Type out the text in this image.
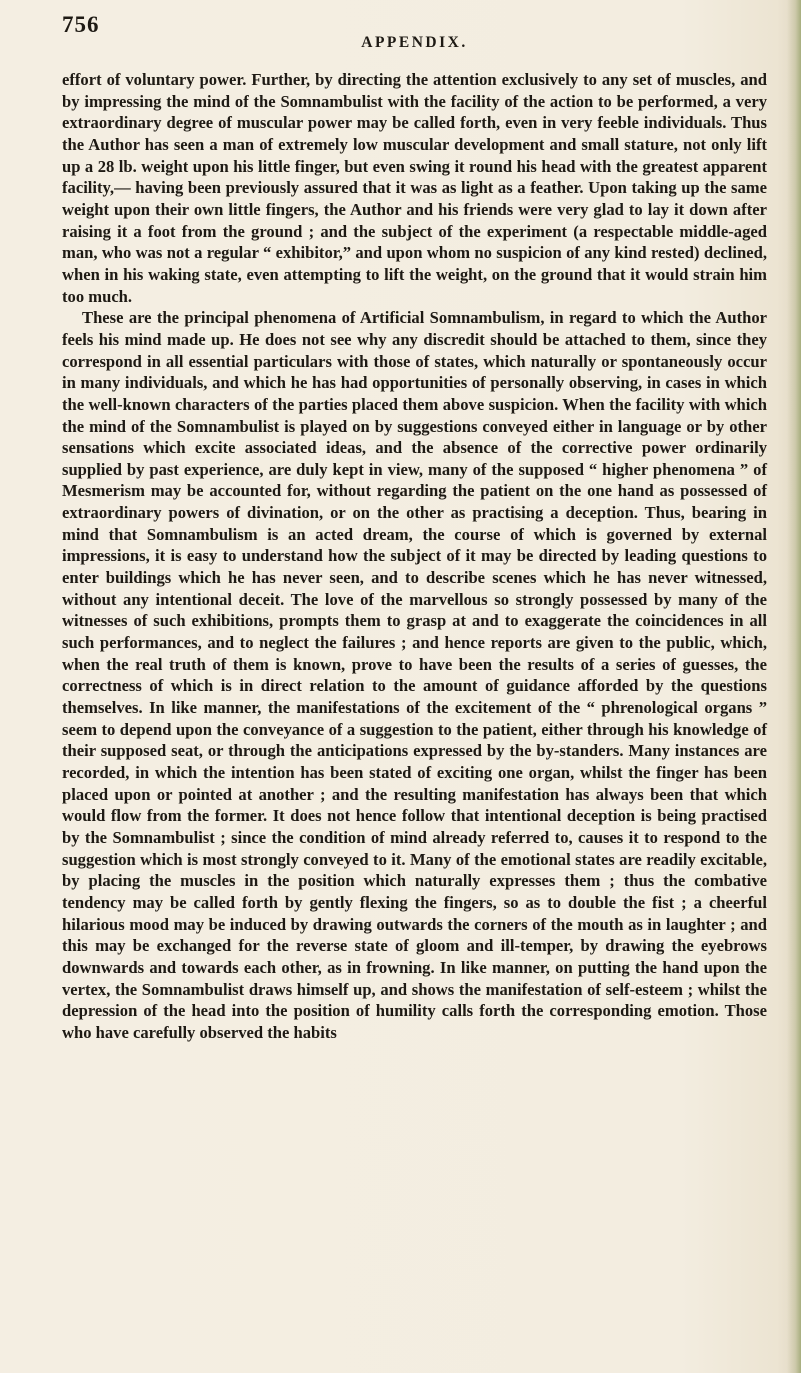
756
APPENDIX.

effort of voluntary power. Further, by directing the attention exclusively to any set of muscles, and by impressing the mind of the Somnambulist with the facility of the action to be performed, a very extraordinary degree of muscular power may be called forth, even in very feeble individuals. Thus the Author has seen a man of extremely low muscular development and small stature, not only lift up a 28 lb. weight upon his little finger, but even swing it round his head with the greatest apparent facility,— having been previously assured that it was as light as a feather. Upon taking up the same weight upon their own little fingers, the Author and his friends were very glad to lay it down after raising it a foot from the ground ; and the subject of the experiment (a respectable middle-aged man, who was not a regular “ exhibitor,” and upon whom no suspicion of any kind rested) declined, when in his waking state, even attempting to lift the weight, on the ground that it would strain him too much.

These are the principal phenomena of Artificial Somnambulism, in regard to which the Author feels his mind made up. He does not see why any discredit should be attached to them, since they correspond in all essential particulars with those of states, which naturally or spontaneously occur in many individuals, and which he has had opportunities of personally observing, in cases in which the well-known characters of the parties placed them above suspicion. When the facility with which the mind of the Somnambulist is played on by suggestions conveyed either in language or by other sensations which excite associated ideas, and the absence of the corrective power ordinarily supplied by past experience, are duly kept in view, many of the supposed “ higher phenomena ” of Mesmerism may be accounted for, without regarding the patient on the one hand as possessed of extraordinary powers of divination, or on the other as practising a deception. Thus, bearing in mind that Somnambulism is an acted dream, the course of which is governed by external impressions, it is easy to understand how the subject of it may be directed by leading questions to enter buildings which he has never seen, and to describe scenes which he has never witnessed, without any intentional deceit. The love of the marvellous so strongly possessed by many of the witnesses of such exhibitions, prompts them to grasp at and to exaggerate the coincidences in all such performances, and to neglect the failures ; and hence reports are given to the public, which, when the real truth of them is known, prove to have been the results of a series of guesses, the correctness of which is in direct relation to the amount of guidance afforded by the questions themselves. In like manner, the manifestations of the excitement of the “ phrenological organs ” seem to depend upon the conveyance of a suggestion to the patient, either through his knowledge of their supposed seat, or through the anticipations expressed by the by-standers. Many instances are recorded, in which the intention has been stated of exciting one organ, whilst the finger has been placed upon or pointed at another ; and the resulting manifestation has always been that which would flow from the former. It does not hence follow that intentional deception is being practised by the Somnambulist ; since the condition of mind already referred to, causes it to respond to the suggestion which is most strongly conveyed to it. Many of the emotional states are readily excitable, by placing the muscles in the position which naturally expresses them ; thus the combative tendency may be called forth by gently flexing the fingers, so as to double the fist ; a cheerful hilarious mood may be induced by drawing outwards the corners of the mouth as in laughter ; and this may be exchanged for the reverse state of gloom and ill-temper, by drawing the eyebrows downwards and towards each other, as in frowning. In like manner, on putting the hand upon the vertex, the Somnambulist draws himself up, and shows the manifestation of self-esteem ; whilst the depression of the head into the position of humility calls forth the corresponding emotion. Those who have carefully observed the habits
